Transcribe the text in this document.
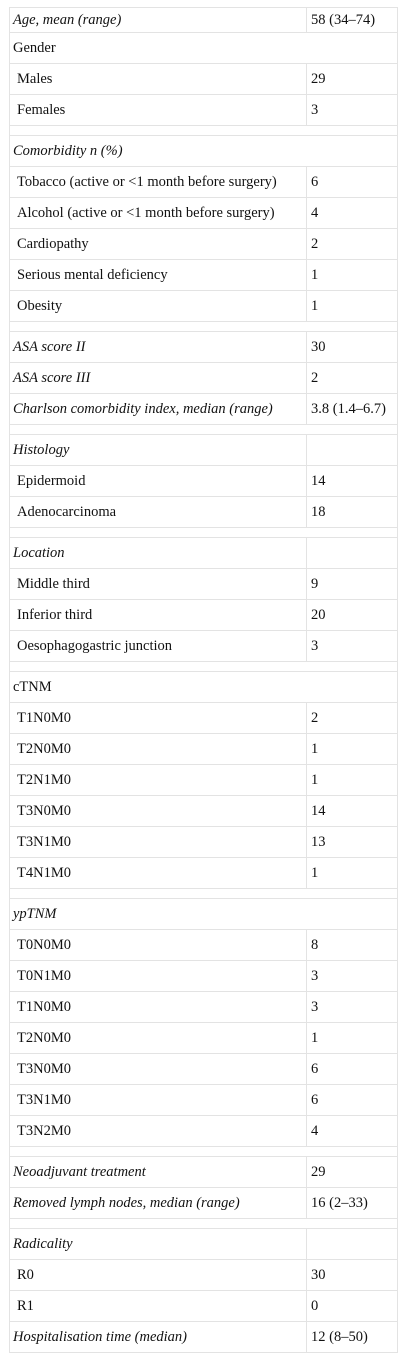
Age, mean (range)	58 (34–74)
Gender	
Males	29
Females	3

Comorbidity n (%)	
Tobacco (active or <1 month before surgery)	6
Alcohol (active or <1 month before surgery)	4
Cardiopathy	2
Serious mental deficiency	1
Obesity	1

ASA score II	30
ASA score III	2
Charlson comorbidity index, median (range)	3.8 (1.4–6.7)

Histology	
Epidermoid	14
Adenocarcinoma	18

Location	
Middle third	9
Inferior third	20
Oesophagogastric junction	3

cTNM	
T1N0M0	2
T2N0M0	1
T2N1M0	1
T3N0M0	14
T3N1M0	13
T4N1M0	1

ypTNM	
T0N0M0	8
T0N1M0	3
T1N0M0	3
T2N0M0	1
T3N0M0	6
T3N1M0	6
T3N2M0	4

Neoadjuvant treatment	29
Removed lymph nodes, median (range)	16 (2–33)

Radicality	
R0	30
R1	0
Hospitalisation time (median)	12 (8–50)
